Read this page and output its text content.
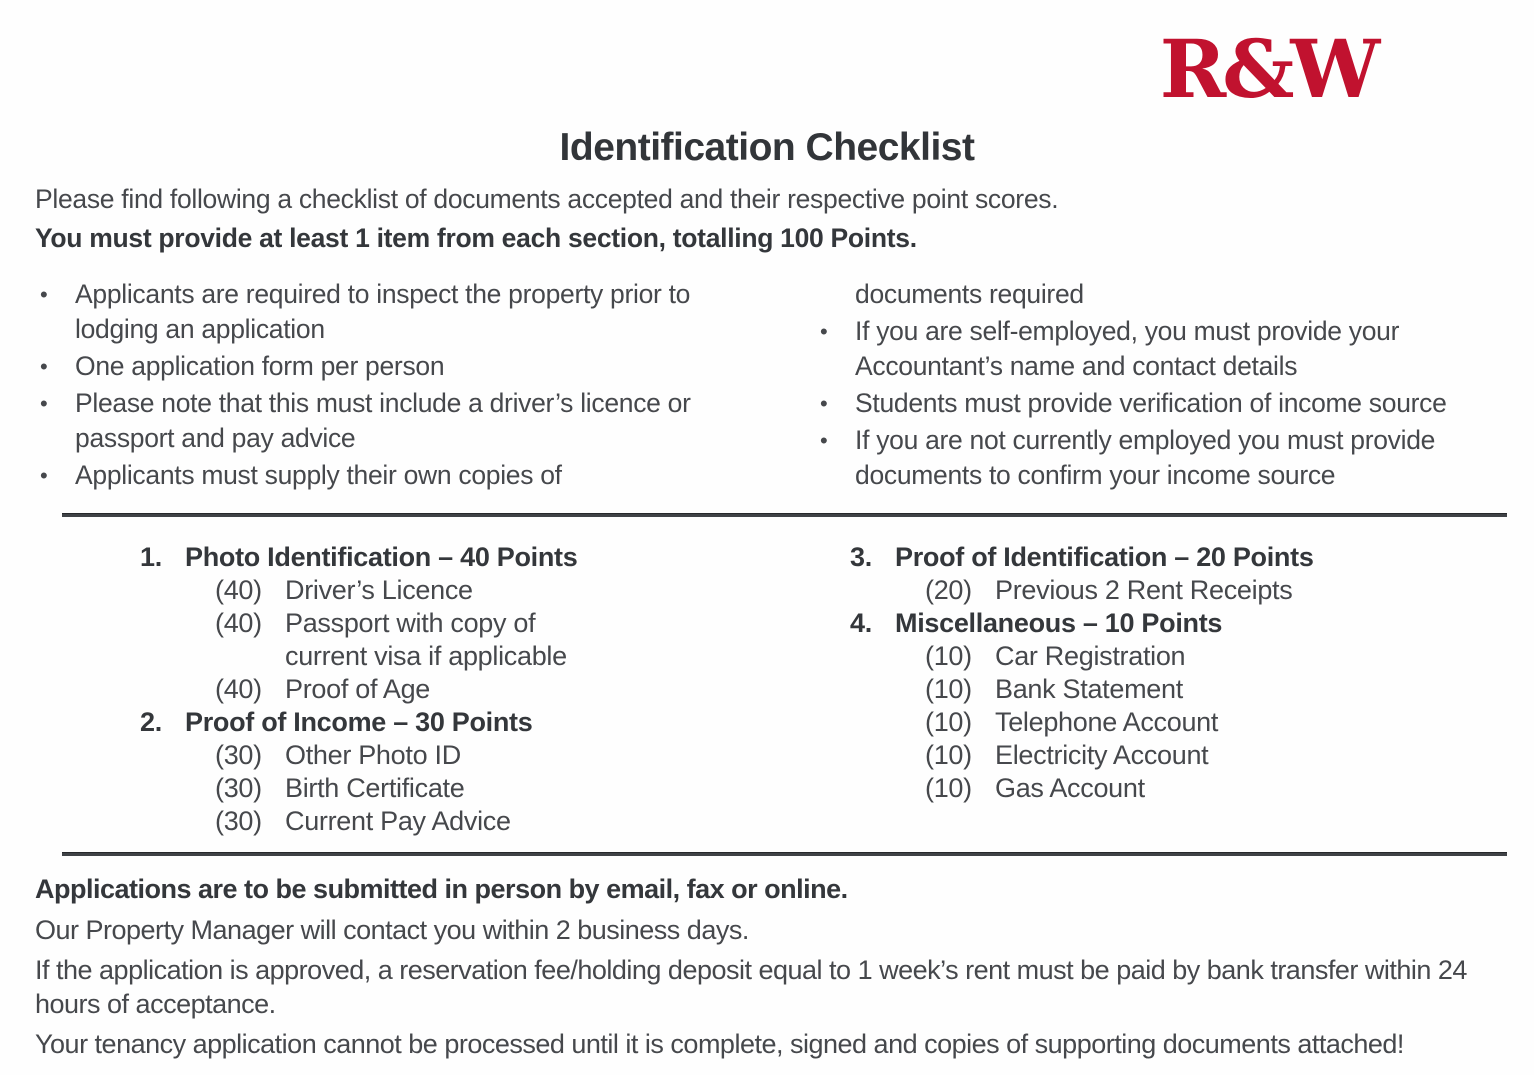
R&W
Identification Checklist

Please find following a checklist of documents accepted and their respective point scores.

You must provide at least 1 item from each section, totalling 100 Points.

•	Applicants are required to inspect the property prior to lodging an application
•	One application form per person
•	Please note that this must include a driver’s licence or passport and pay advice
•	Applicants must supply their own copies of
documents required
•	If you are self-employed, you must provide your Accountant’s name and contact details
•	Students must provide verification of income source
•	If you are not currently employed you must provide documents to confirm your income source
1. Photo Identification – 40 Points
(40) Driver’s Licence
(40) Passport with copy of current visa if applicable
(40) Proof of Age
2. Proof of Income – 30 Points
(30) Other Photo ID
(30) Birth Certificate
(30) Current Pay Advice
3. Proof of Identification – 20 Points
(20) Previous 2 Rent Receipts
4. Miscellaneous – 10 Points
(10) Car Registration
(10) Bank Statement
(10) Telephone Account
(10) Electricity Account
(10) Gas Account

Applications are to be submitted in person by email, fax or online.

Our Property Manager will contact you within 2 business days.

If the application is approved, a reservation fee/holding deposit equal to 1 week’s rent must be paid by bank transfer within 24 hours of acceptance.

Your tenancy application cannot be processed until it is complete, signed and copies of supporting documents attached!
